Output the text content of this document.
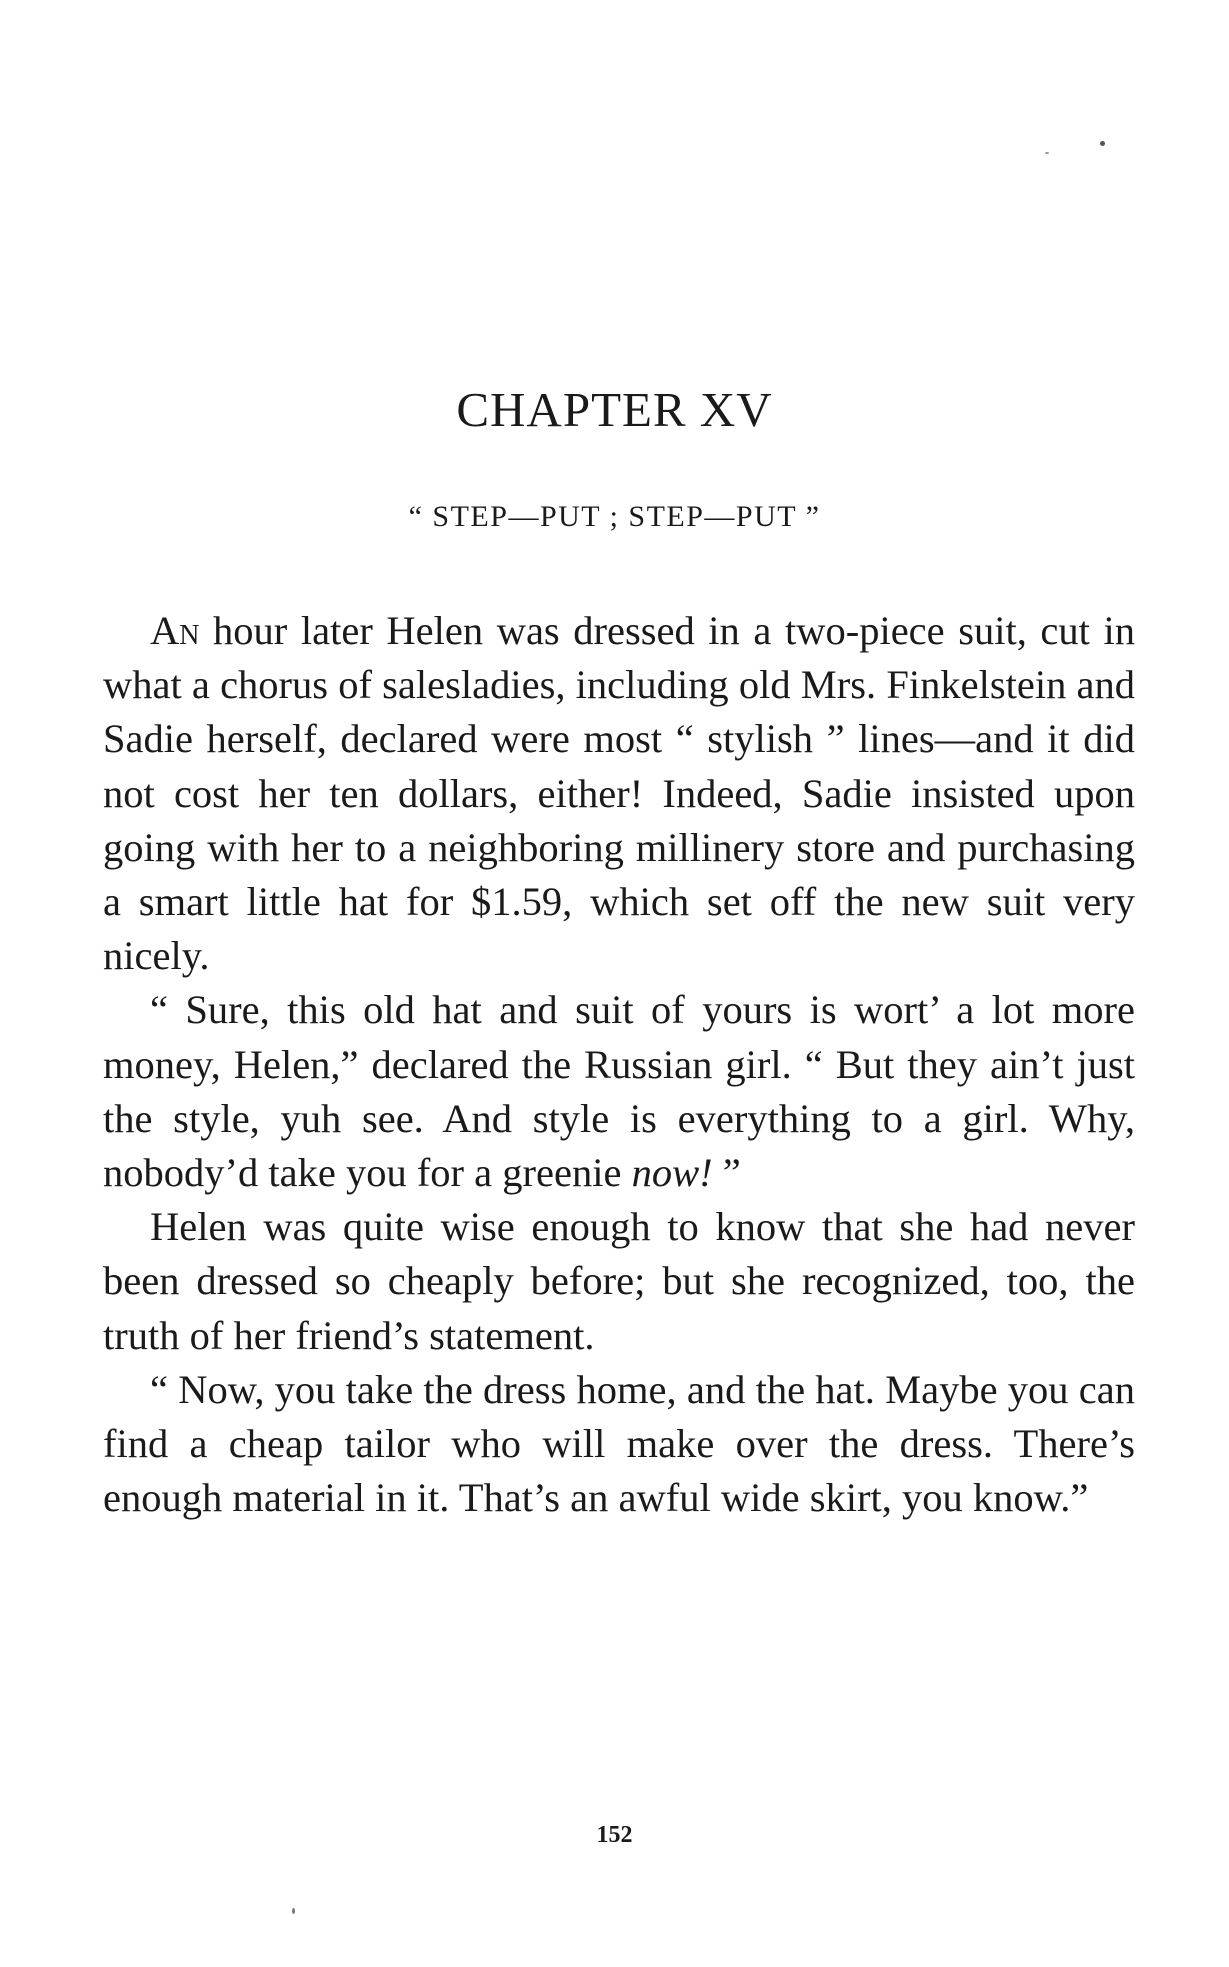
CHAPTER XV
“ STEP—PUT ; STEP—PUT ”

An hour later Helen was dressed in a two-piece suit, cut in what a chorus of salesladies, including old Mrs. Finkelstein and Sadie herself, declared were most “ stylish ” lines—and it did not cost her ten dollars, either! Indeed, Sadie insisted upon going with her to a neighboring millinery store and purchasing a smart little hat for $1.59, which set off the new suit very nicely.

“ Sure, this old hat and suit of yours is wort’ a lot more money, Helen,” declared the Russian girl. “ But they ain’t just the style, yuh see. And style is everything to a girl. Why, nobody’d take you for a greenie now! ”

Helen was quite wise enough to know that she had never been dressed so cheaply before; but she recognized, too, the truth of her friend’s statement.

“ Now, you take the dress home, and the hat. Maybe you can find a cheap tailor who will make over the dress. There’s enough material in it. That’s an awful wide skirt, you know.”

152
